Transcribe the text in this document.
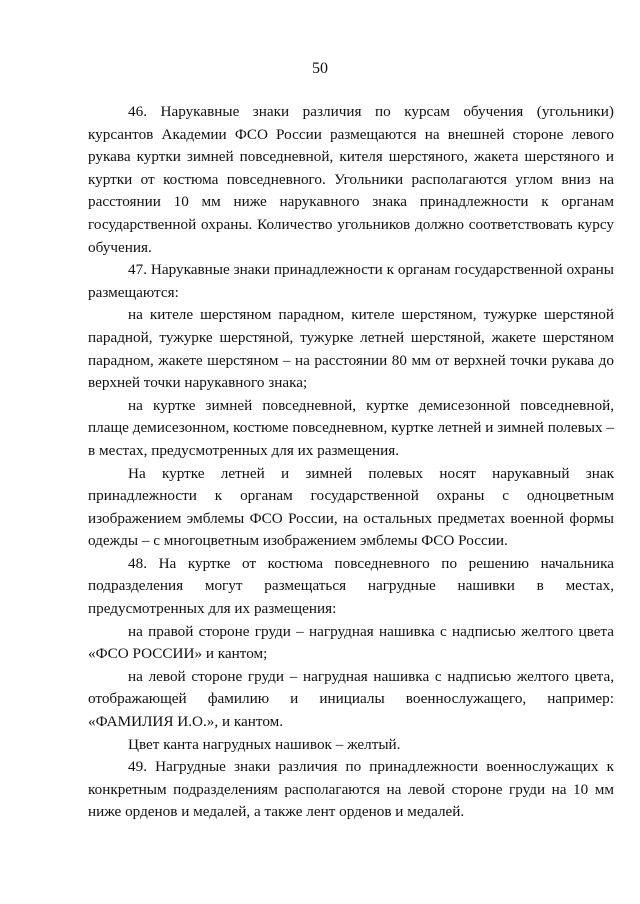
50

46. Нарукавные знаки различия по курсам обучения (угольники) курсантов Академии ФСО России размещаются на внешней стороне левого рукава куртки зимней повседневной, кителя шерстяного, жакета шерстяного и куртки от костюма повседневного. Угольники располагаются углом вниз на расстоянии 10 мм ниже нарукавного знака принадлежности к органам государственной охраны. Количество угольников должно соответствовать курсу обучения.

47. Нарукавные знаки принадлежности к органам государственной охраны размещаются:

на кителе шерстяном парадном, кителе шерстяном, тужурке шерстяной парадной, тужурке шерстяной, тужурке летней шерстяной, жакете шерстяном парадном, жакете шерстяном – на расстоянии 80 мм от верхней точки рукава до верхней точки нарукавного знака;

на куртке зимней повседневной, куртке демисезонной повседневной, плаще демисезонном, костюме повседневном, куртке летней и зимней полевых – в местах, предусмотренных для их размещения.

На куртке летней и зимней полевых носят нарукавный знак принадлежности к органам государственной охраны с одноцветным изображением эмблемы ФСО России, на остальных предметах военной формы одежды – с многоцветным изображением эмблемы ФСО России.

48. На куртке от костюма повседневного по решению начальника подразделения могут размещаться нагрудные нашивки в местах, предусмотренных для их размещения:

на правой стороне груди – нагрудная нашивка с надписью желтого цвета «ФСО РОССИИ» и кантом;

на левой стороне груди – нагрудная нашивка с надписью желтого цвета, отображающей фамилию и инициалы военнослужащего, например: «ФАМИЛИЯ И.О.», и кантом.

Цвет канта нагрудных нашивок – желтый.

49. Нагрудные знаки различия по принадлежности военнослужащих к конкретным подразделениям располагаются на левой стороне груди на 10 мм ниже орденов и медалей, а также лент орденов и медалей.
